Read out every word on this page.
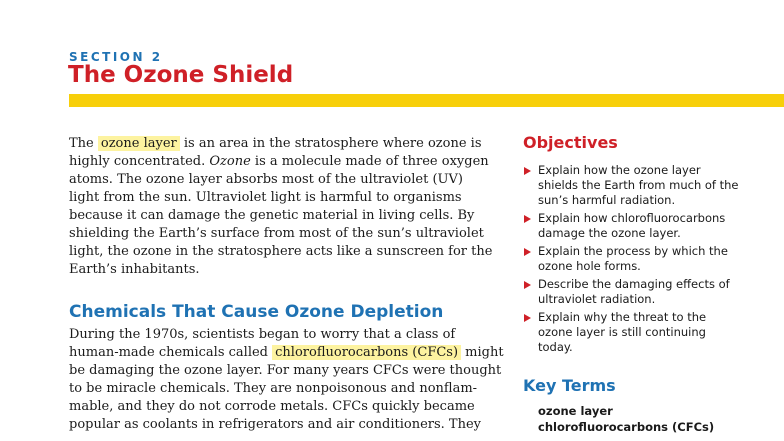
SECTION 2
The Ozone Shield

The ozone layer is an area in the stratosphere where ozone is
highly concentrated. Ozone is a molecule made of three oxygen
atoms. The ozone layer absorbs most of the ultraviolet (UV)
light from the sun. Ultraviolet light is harmful to organisms
because it can damage the genetic material in living cells. By
shielding the Earth’s surface from most of the sun’s ultraviolet
light, the ozone in the stratosphere acts like a sunscreen for the
Earth’s inhabitants.

Chemicals That Cause Ozone Depletion

During the 1970s, scientists began to worry that a class of
human-made chemicals called chlorofluorocarbons (CFCs) might
be damaging the ozone layer. For many years CFCs were thought
to be miracle chemicals. They are nonpoisonous and nonflam-
mable, and they do not corrode metals. CFCs quickly became
popular as coolants in refrigerators and air conditioners. They

Objectives
Explain how the ozone layer
shields the Earth from much of the
sun’s harmful radiation.
Explain how chlorofluorocarbons
damage the ozone layer.
Explain the process by which the
ozone hole forms.
Describe the damaging effects of
ultraviolet radiation.
Explain why the threat to the
ozone layer is still continuing
today.
Key Terms
ozone layer
chlorofluorocarbons (CFCs)
